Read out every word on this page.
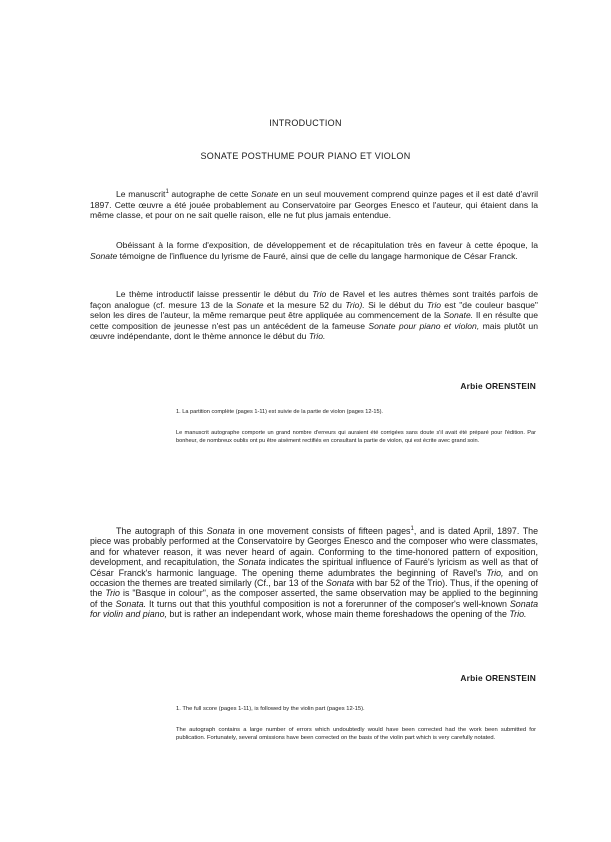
INTRODUCTION
SONATE POSTHUME POUR PIANO ET VIOLON

Le manuscrit$^1$ autographe de cette Sonate en un seul mouvement comprend quinze pages et il est daté d'avril 1897. Cette œuvre a été jouée probablement au Conservatoire par Georges Enesco et l'auteur, qui étaient dans la même classe, et pour on ne sait quelle raison, elle ne fut plus jamais entendue.

Obéissant à la forme d'exposition, de développement et de récapitulation très en faveur à cette époque, la Sonate témoigne de l'influence du lyrisme de Fauré, ainsi que de celle du langage harmonique de César Franck.

Le thème introductif laisse pressentir le début du Trio de Ravel et les autres thèmes sont traités parfois de façon analogue (cf. mesure 13 de la Sonate et la mesure 52 du Trio). Si le début du Trio est "de couleur basque" selon les dires de l'auteur, la même remarque peut être appliquée au commencement de la Sonate. Il en résulte que cette composition de jeunesse n'est pas un antécédent de la fameuse Sonate pour piano et violon, mais plutôt un œuvre indépendante, dont le thème annonce le début du Trio.

Arbie ORENSTEIN

1. La partition complète (pages 1-11) est suivie de la partie de violon (pages 12-15).

Le manuscrit autographe comporte un grand nombre d'erreurs qui auraient été corrigées sans doute s'il avait été préparé pour l'édition. Par bonheur, de nombreux oublis ont pu être aisément rectifiés en consultant la partie de violon, qui est écrite avec grand soin.

The autograph of this Sonata in one movement consists of fifteen pages$^1$, and is dated April, 1897. The piece was probably performed at the Conservatoire by Georges Enesco and the composer who were classmates, and for whatever reason, it was never heard of again. Conforming to the time-honored pattern of exposition, development, and recapitulation, the Sonata indicates the spiritual influence of Fauré's lyricism as well as that of César Franck's harmonic language. The opening theme adumbrates the beginning of Ravel's Trio, and on occasion the themes are treated similarly (Cf., bar 13 of the Sonata with bar 52 of the Trio). Thus, if the opening of the Trio is "Basque in colour", as the composer asserted, the same observation may be applied to the beginning of the Sonata. It turns out that this youthful composition is not a forerunner of the composer's well-known Sonata for violin and piano, but is rather an independant work, whose main theme foreshadows the opening of the Trio.

Arbie ORENSTEIN

1. The full score (pages 1-11), is followed by the violin part (pages 12-15).

The autograph contains a large number of errors which undoubtedly would have been corrected had the work been submitted for publication. Fortunately, several omissions have been corrected on the basis of the violin part which is very carefully notated.
